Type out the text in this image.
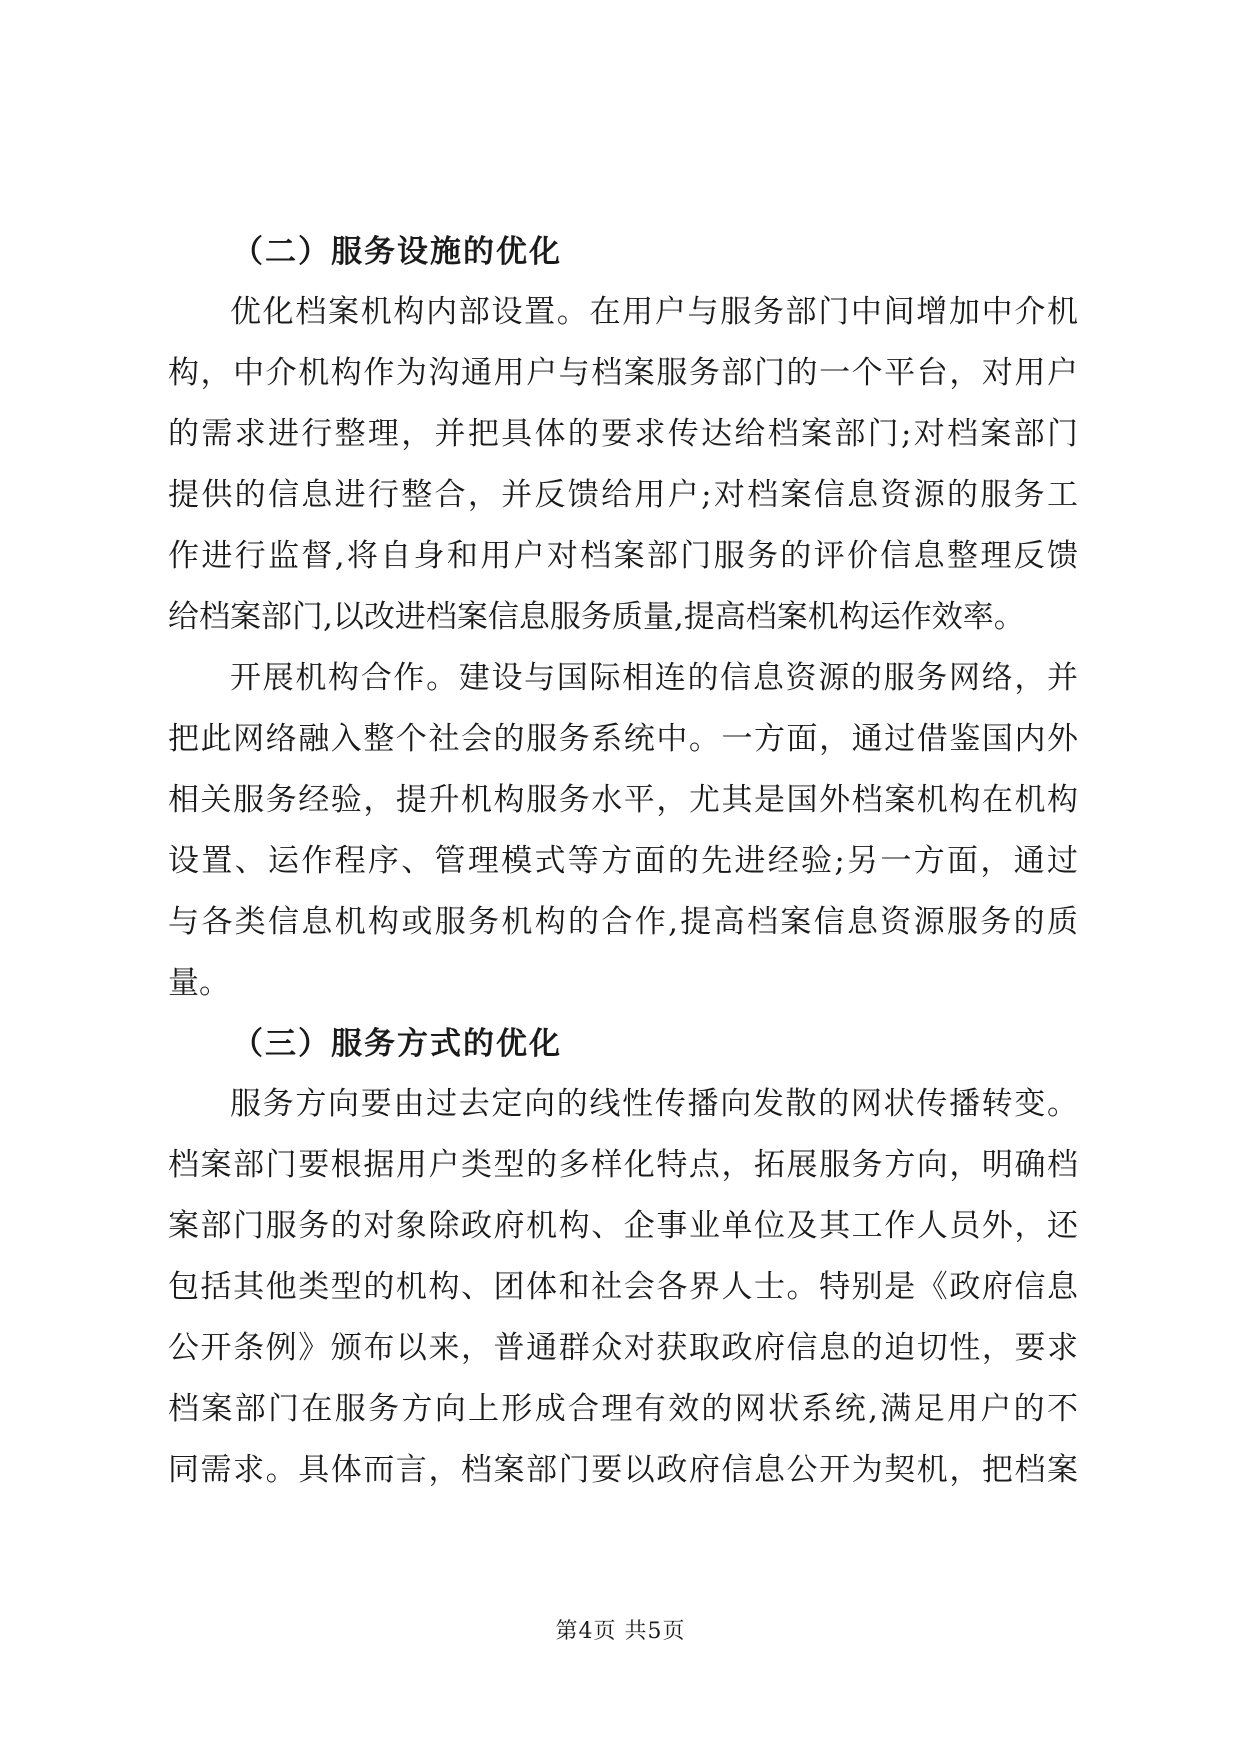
（二）服务设施的优化
优化档案机构内部设置。在用户与服务部门中间增加中介机
构，中介机构作为沟通用户与档案服务部门的一个平台，对用户
的需求进行整理，并把具体的要求传达给档案部门;对档案部门
提供的信息进行整合，并反馈给用户;对档案信息资源的服务工
作进行监督,将自身和用户对档案部门服务的评价信息整理反馈
给档案部门,以改进档案信息服务质量,提高档案机构运作效率。
开展机构合作。建设与国际相连的信息资源的服务网络，并
把此网络融入整个社会的服务系统中。一方面，通过借鉴国内外
相关服务经验，提升机构服务水平，尤其是国外档案机构在机构
设置、运作程序、管理模式等方面的先进经验;另一方面，通过
与各类信息机构或服务机构的合作,提高档案信息资源服务的质
量。
（三）服务方式的优化
服务方向要由过去定向的线性传播向发散的网状传播转变。
档案部门要根据用户类型的多样化特点，拓展服务方向，明确档
案部门服务的对象除政府机构、企事业单位及其工作人员外，还
包括其他类型的机构、团体和社会各界人士。特别是《政府信息
公开条例》颁布以来，普通群众对获取政府信息的迫切性，要求
档案部门在服务方向上形成合理有效的网状系统,满足用户的不
同需求。具体而言，档案部门要以政府信息公开为契机，把档案
第4页 共5页
